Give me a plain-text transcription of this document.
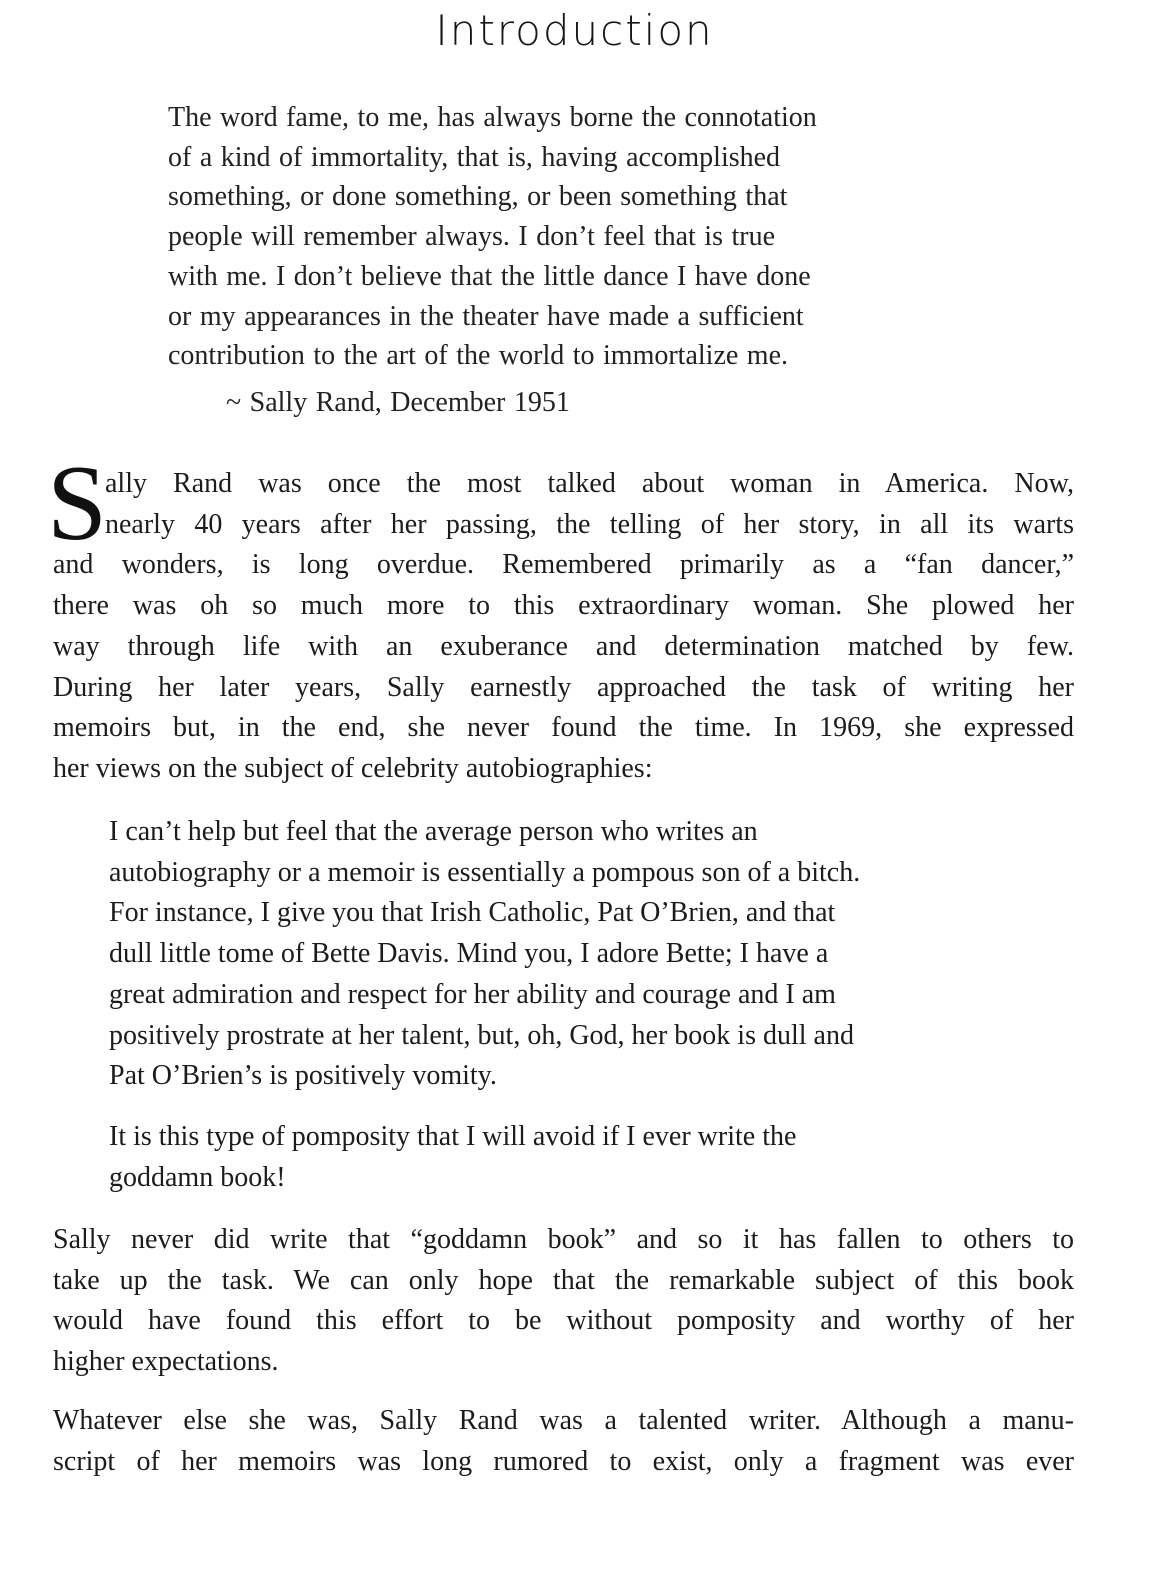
Introduction
The word fame, to me, has always borne the connotation
of a kind of immortality, that is, having accomplished
something, or done something, or been something that
people will remember always. I don’t feel that is true
with me. I don’t believe that the little dance I have done
or my appearances in the theater have made a sufficient
contribution to the art of the world to immortalize me.
~ Sally Rand, December 1951
S
ally Rand was once the most talked about woman in America. Now,
nearly 40 years after her passing, the telling of her story, in all its warts
and wonders, is long overdue. Remembered primarily as a “fan dancer,”
there was oh so much more to this extraordinary woman. She plowed her
way through life with an exuberance and determination matched by few.
During her later years, Sally earnestly approached the task of writing her
memoirs but, in the end, she never found the time. In 1969, she expressed
her views on the subject of celebrity autobiographies:
I can’t help but feel that the average person who writes an
autobiography or a memoir is essentially a pompous son of a bitch.
For instance, I give you that Irish Catholic, Pat O’Brien, and that
dull little tome of Bette Davis. Mind you, I adore Bette; I have a
great admiration and respect for her ability and courage and I am
positively prostrate at her talent, but, oh, God, her book is dull and
Pat O’Brien’s is positively vomity.
It is this type of pomposity that I will avoid if I ever write the
goddamn book!
Sally never did write that “goddamn book” and so it has fallen to others to
take up the task. We can only hope that the remarkable subject of this book
would have found this effort to be without pomposity and worthy of her
higher expectations.
Whatever else she was, Sally Rand was a talented writer. Although a manu-
script of her memoirs was long rumored to exist, only a fragment was ever
